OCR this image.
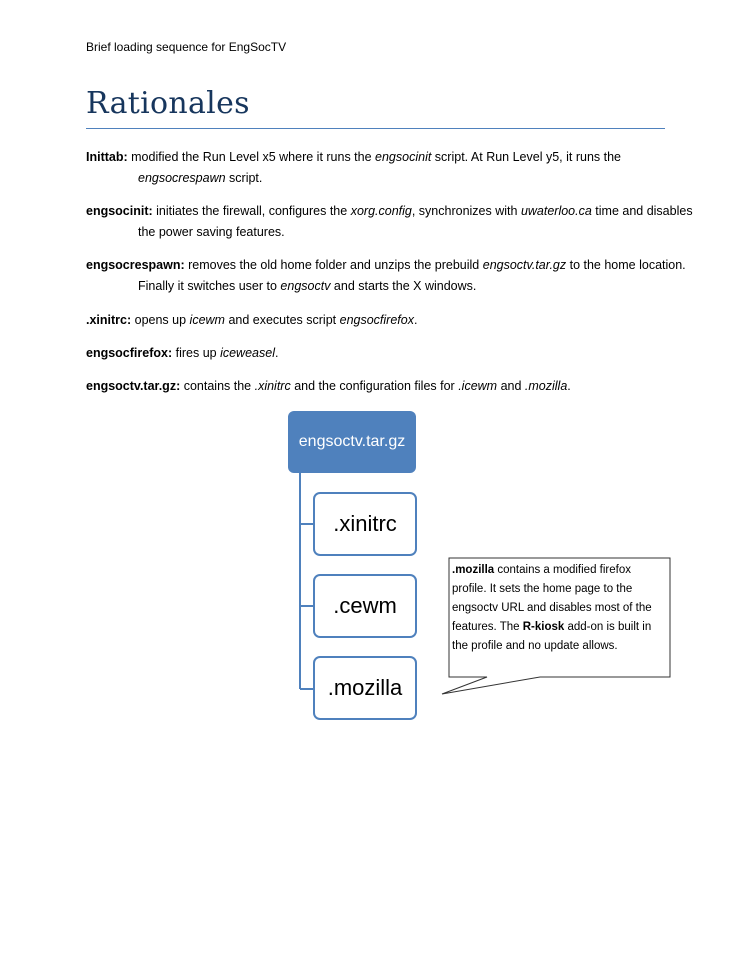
Brief loading sequence for EngSocTV
Rationales
Inittab: modified the Run Level x5 where it runs the engsocinit script. At Run Level y5, it runs the engsocrespawn script.
engsocinit: initiates the firewall, configures the xorg.config, synchronizes with uwaterloo.ca time and disables the power saving features.
engsocrespawn: removes the old home folder and unzips the prebuild engsoctv.tar.gz to the home location. Finally it switches user to engsoctv and starts the X windows.
.xinitrc: opens up icewm and executes script engsocfirefox.
engsocfirefox: fires up iceweasel.
engsoctv.tar.gz: contains the .xinitrc and the configuration files for .icewm and .mozilla.
engsoctv.tar.gz
.xinitrc
.cewm
.mozilla
.mozilla contains a modified firefox profile. It sets the home page to the engsoctv URL and disables most of the features. The R-kiosk add-on is built in the profile and no update allows.
